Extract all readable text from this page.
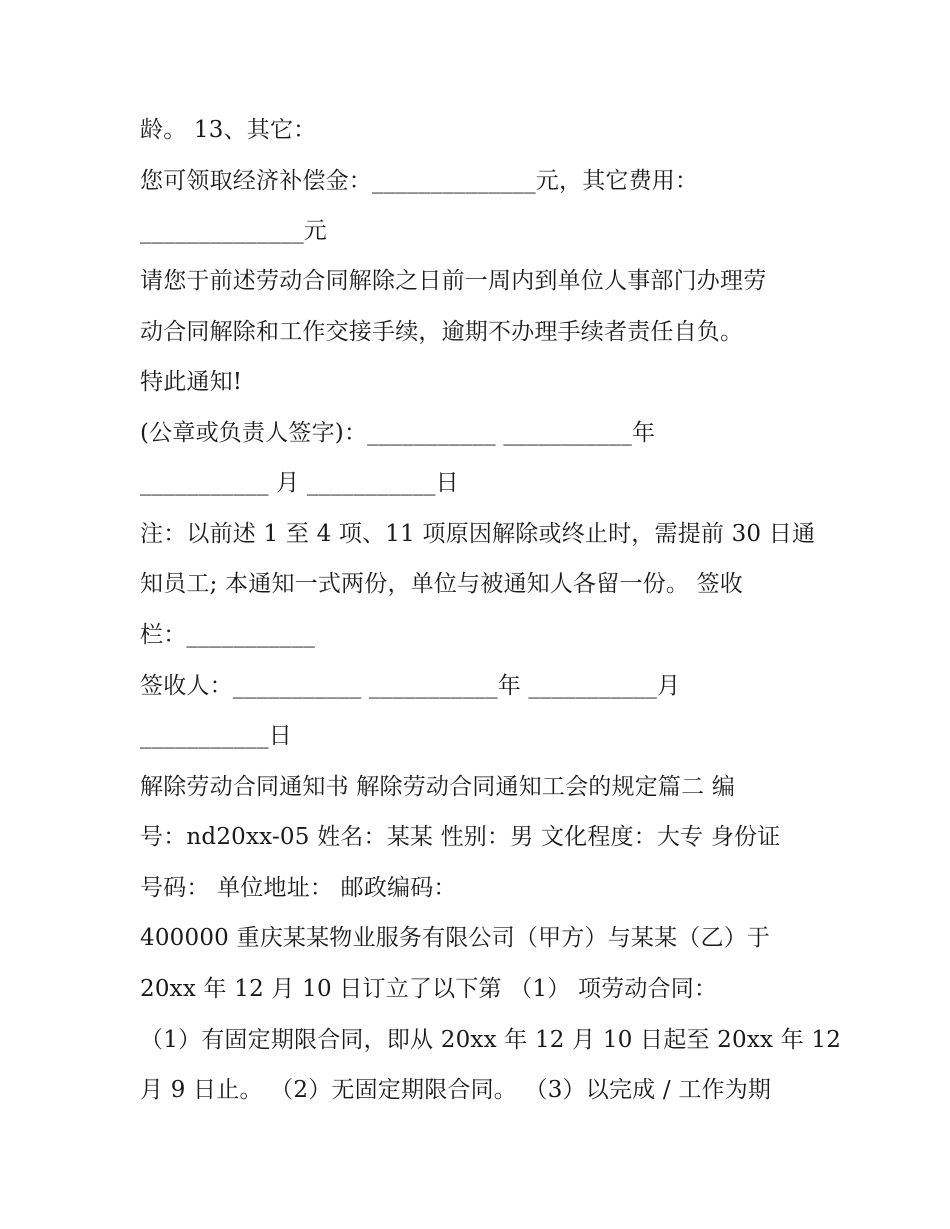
龄。 13、其它：
您可领取经济补偿金：______________元，其它费用：
______________元
请您于前述劳动合同解除之日前一周内到单位人事部门办理劳
动合同解除和工作交接手续，逾期不办理手续者责任自负。
特此通知!
(公章或负责人签字)：___________ ___________年
___________ 月 ___________日
注：以前述 1 至 4 项、11 项原因解除或终止时，需提前 30 日通
知员工; 本通知一式两份，单位与被通知人各留一份。 签收
栏：___________
签收人：___________ ___________年 ___________月
___________日
解除劳动合同通知书 解除劳动合同通知工会的规定篇二 编
号：nd20xx-05 姓名：某某 性别：男 文化程度：大专 身份证
号码： 单位地址： 邮政编码：
400000 重庆某某物业服务有限公司（甲方）与某某（乙）于
20xx 年 12 月 10 日订立了以下第 （1） 项劳动合同：
（1）有固定期限合同，即从 20xx 年 12 月 10 日起至 20xx 年 12
月 9 日止。 （2）无固定期限合同。 （3）以完成 / 工作为期
